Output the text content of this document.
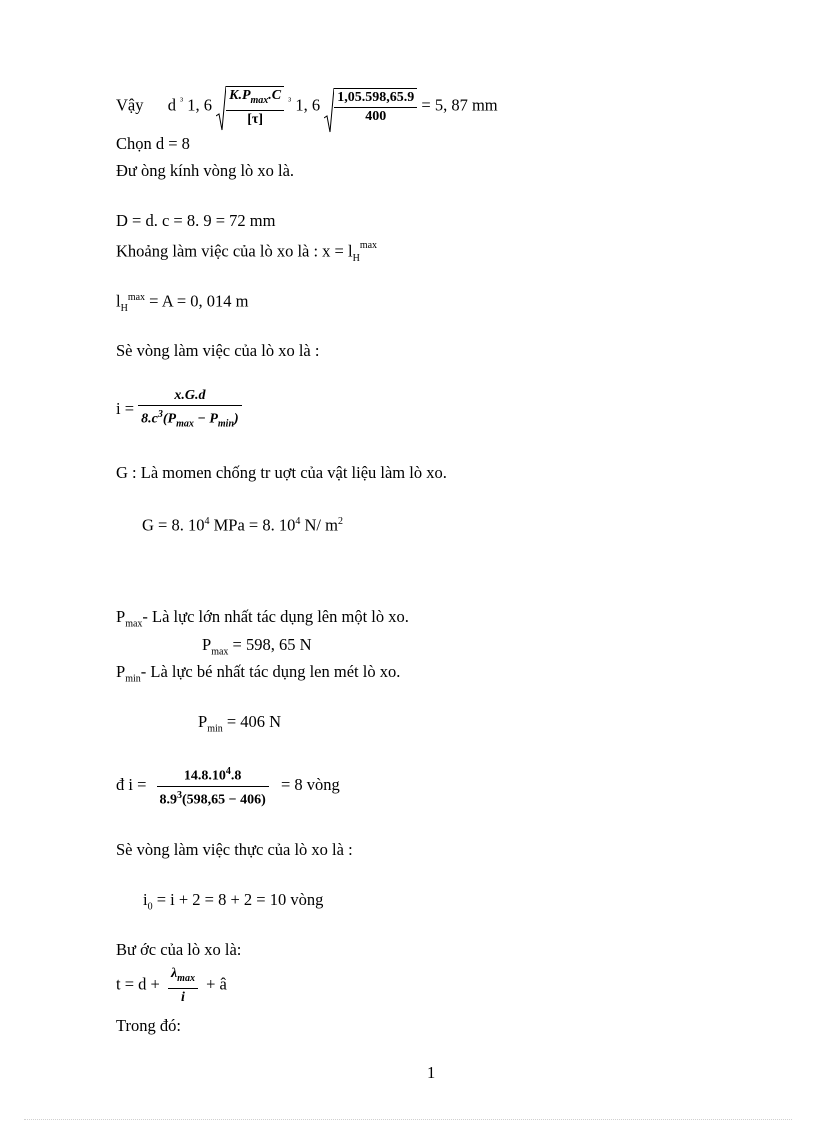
Vậy d $^{^3}$ 1, $6 \frac{K.P_{max}.C}{[\tau]} ^{^3}$ 1, $6 \frac{1,05.598,65.9}{400} = 5$, 87 mm
Chọn d = 8
Đư òng kính vòng lò xo là.
D = d. c = 8. 9 = 72 mm
Khoảng làm việc của lò xo là : $x = l_H^{max}$
$l_H^{max} = A = 0$, 014 m
Sè vòng làm việc của lò xo là :
$i = \frac{x.G.d}{8.c^3(P_{max} - P_{min})}$
G : Là momen chống tr uợt của vật liệu làm lò xo.
G = 8. $10^4$ MPa = 8. $10^4$ N/ $m^2$
$P_{max}-$ Là lực lớn nhất tác dụng lên một lò xo.
$P_{max} = 598$, 65 N
$P_{min}-$ Là lực bé nhất tác dụng len mét lò xo.
$P_{min} = 406$ N
đ $i = \frac{14.8.10^4.8}{8.9^3(598,65 - 406)} = 8$ vòng
Sè vòng làm việc thực của lò xo là :
$i_0 = i + 2 = 8 + 2 = 10$ vòng
Bư ớc của lò xo là:
$t = d + \frac{\lambda_{max}}{i}$ + â
Trong đó:
1
